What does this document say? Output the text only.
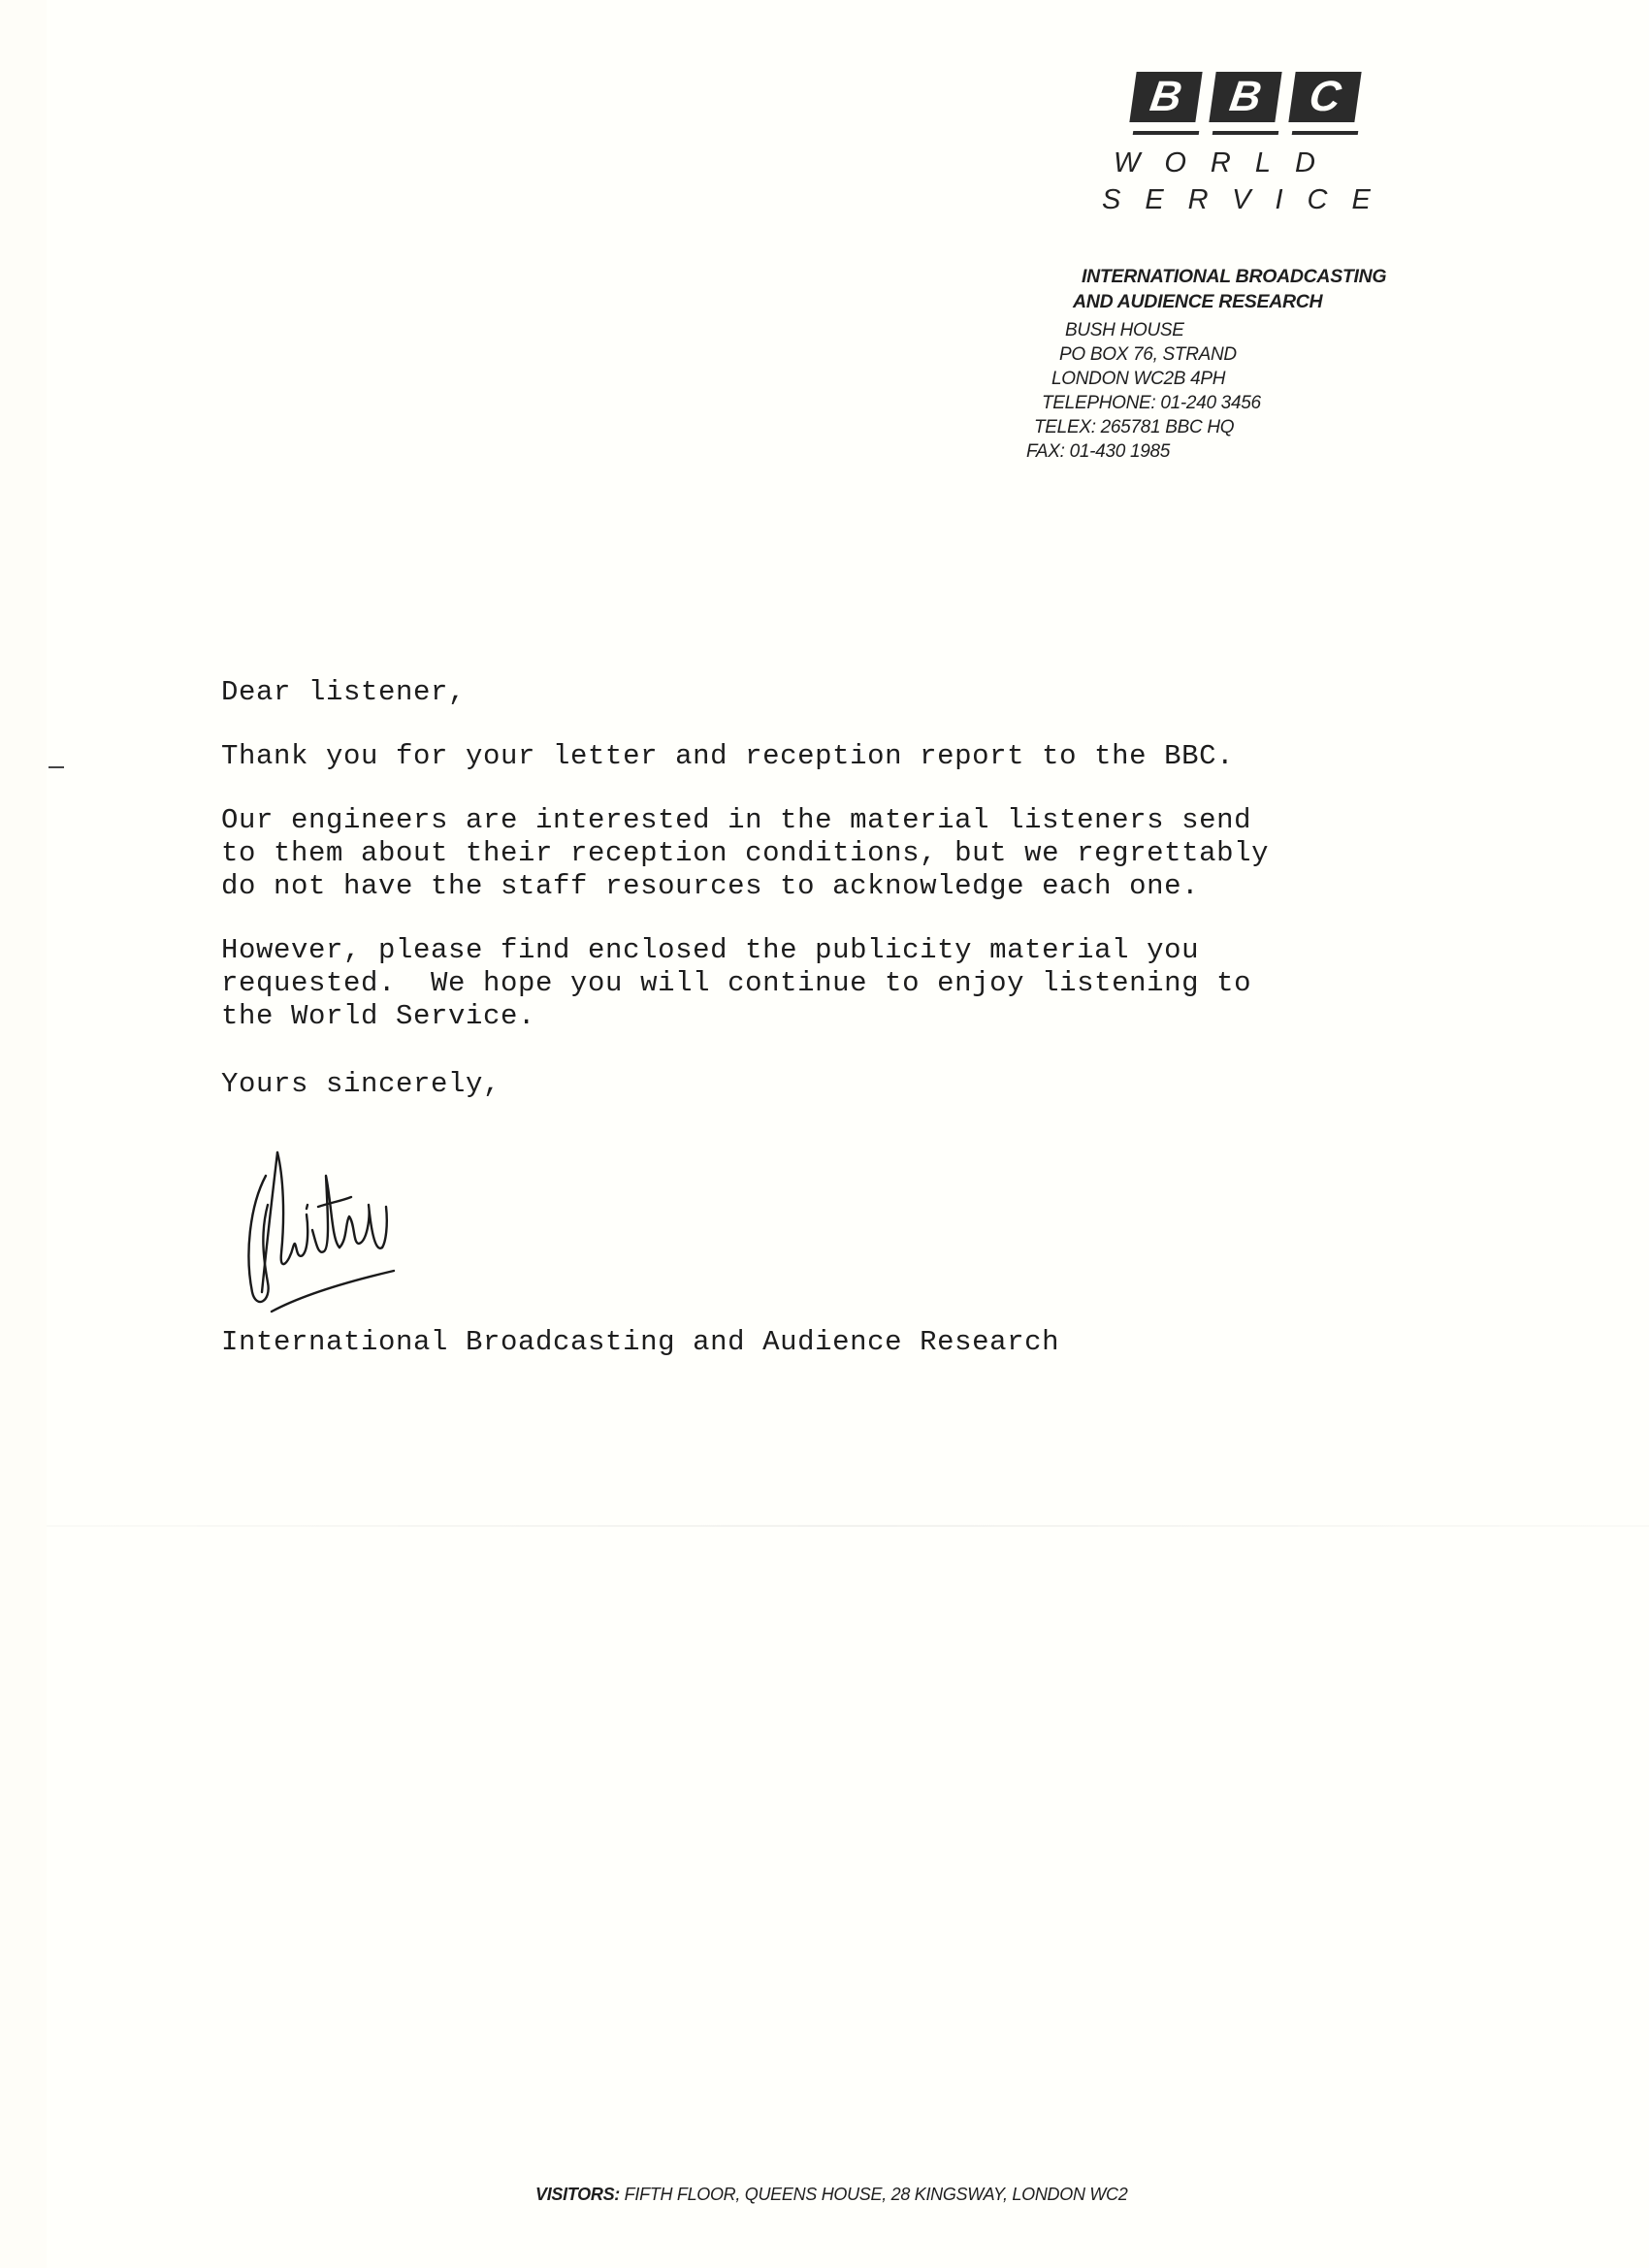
B B C
WORLD
SERVICE
INTERNATIONAL BROADCASTING
AND AUDIENCE RESEARCH
BUSH HOUSE
PO BOX 76, STRAND
LONDON WC2B 4PH
TELEPHONE: 01-240 3456
TELEX: 265781 BBC HQ
FAX: 01-430 1985
Dear listener,
Thank you for your letter and reception report to the BBC.
Our engineers are interested in the material listeners send
to them about their reception conditions, but we regrettably
do not have the staff resources to acknowledge each one.
However, please find enclosed the publicity material you
requested.  We hope you will continue to enjoy listening to
the World Service.
Yours sincerely,
International Broadcasting and Audience Research
VISITORS: FIFTH FLOOR, QUEENS HOUSE, 28 KINGSWAY, LONDON WC2
